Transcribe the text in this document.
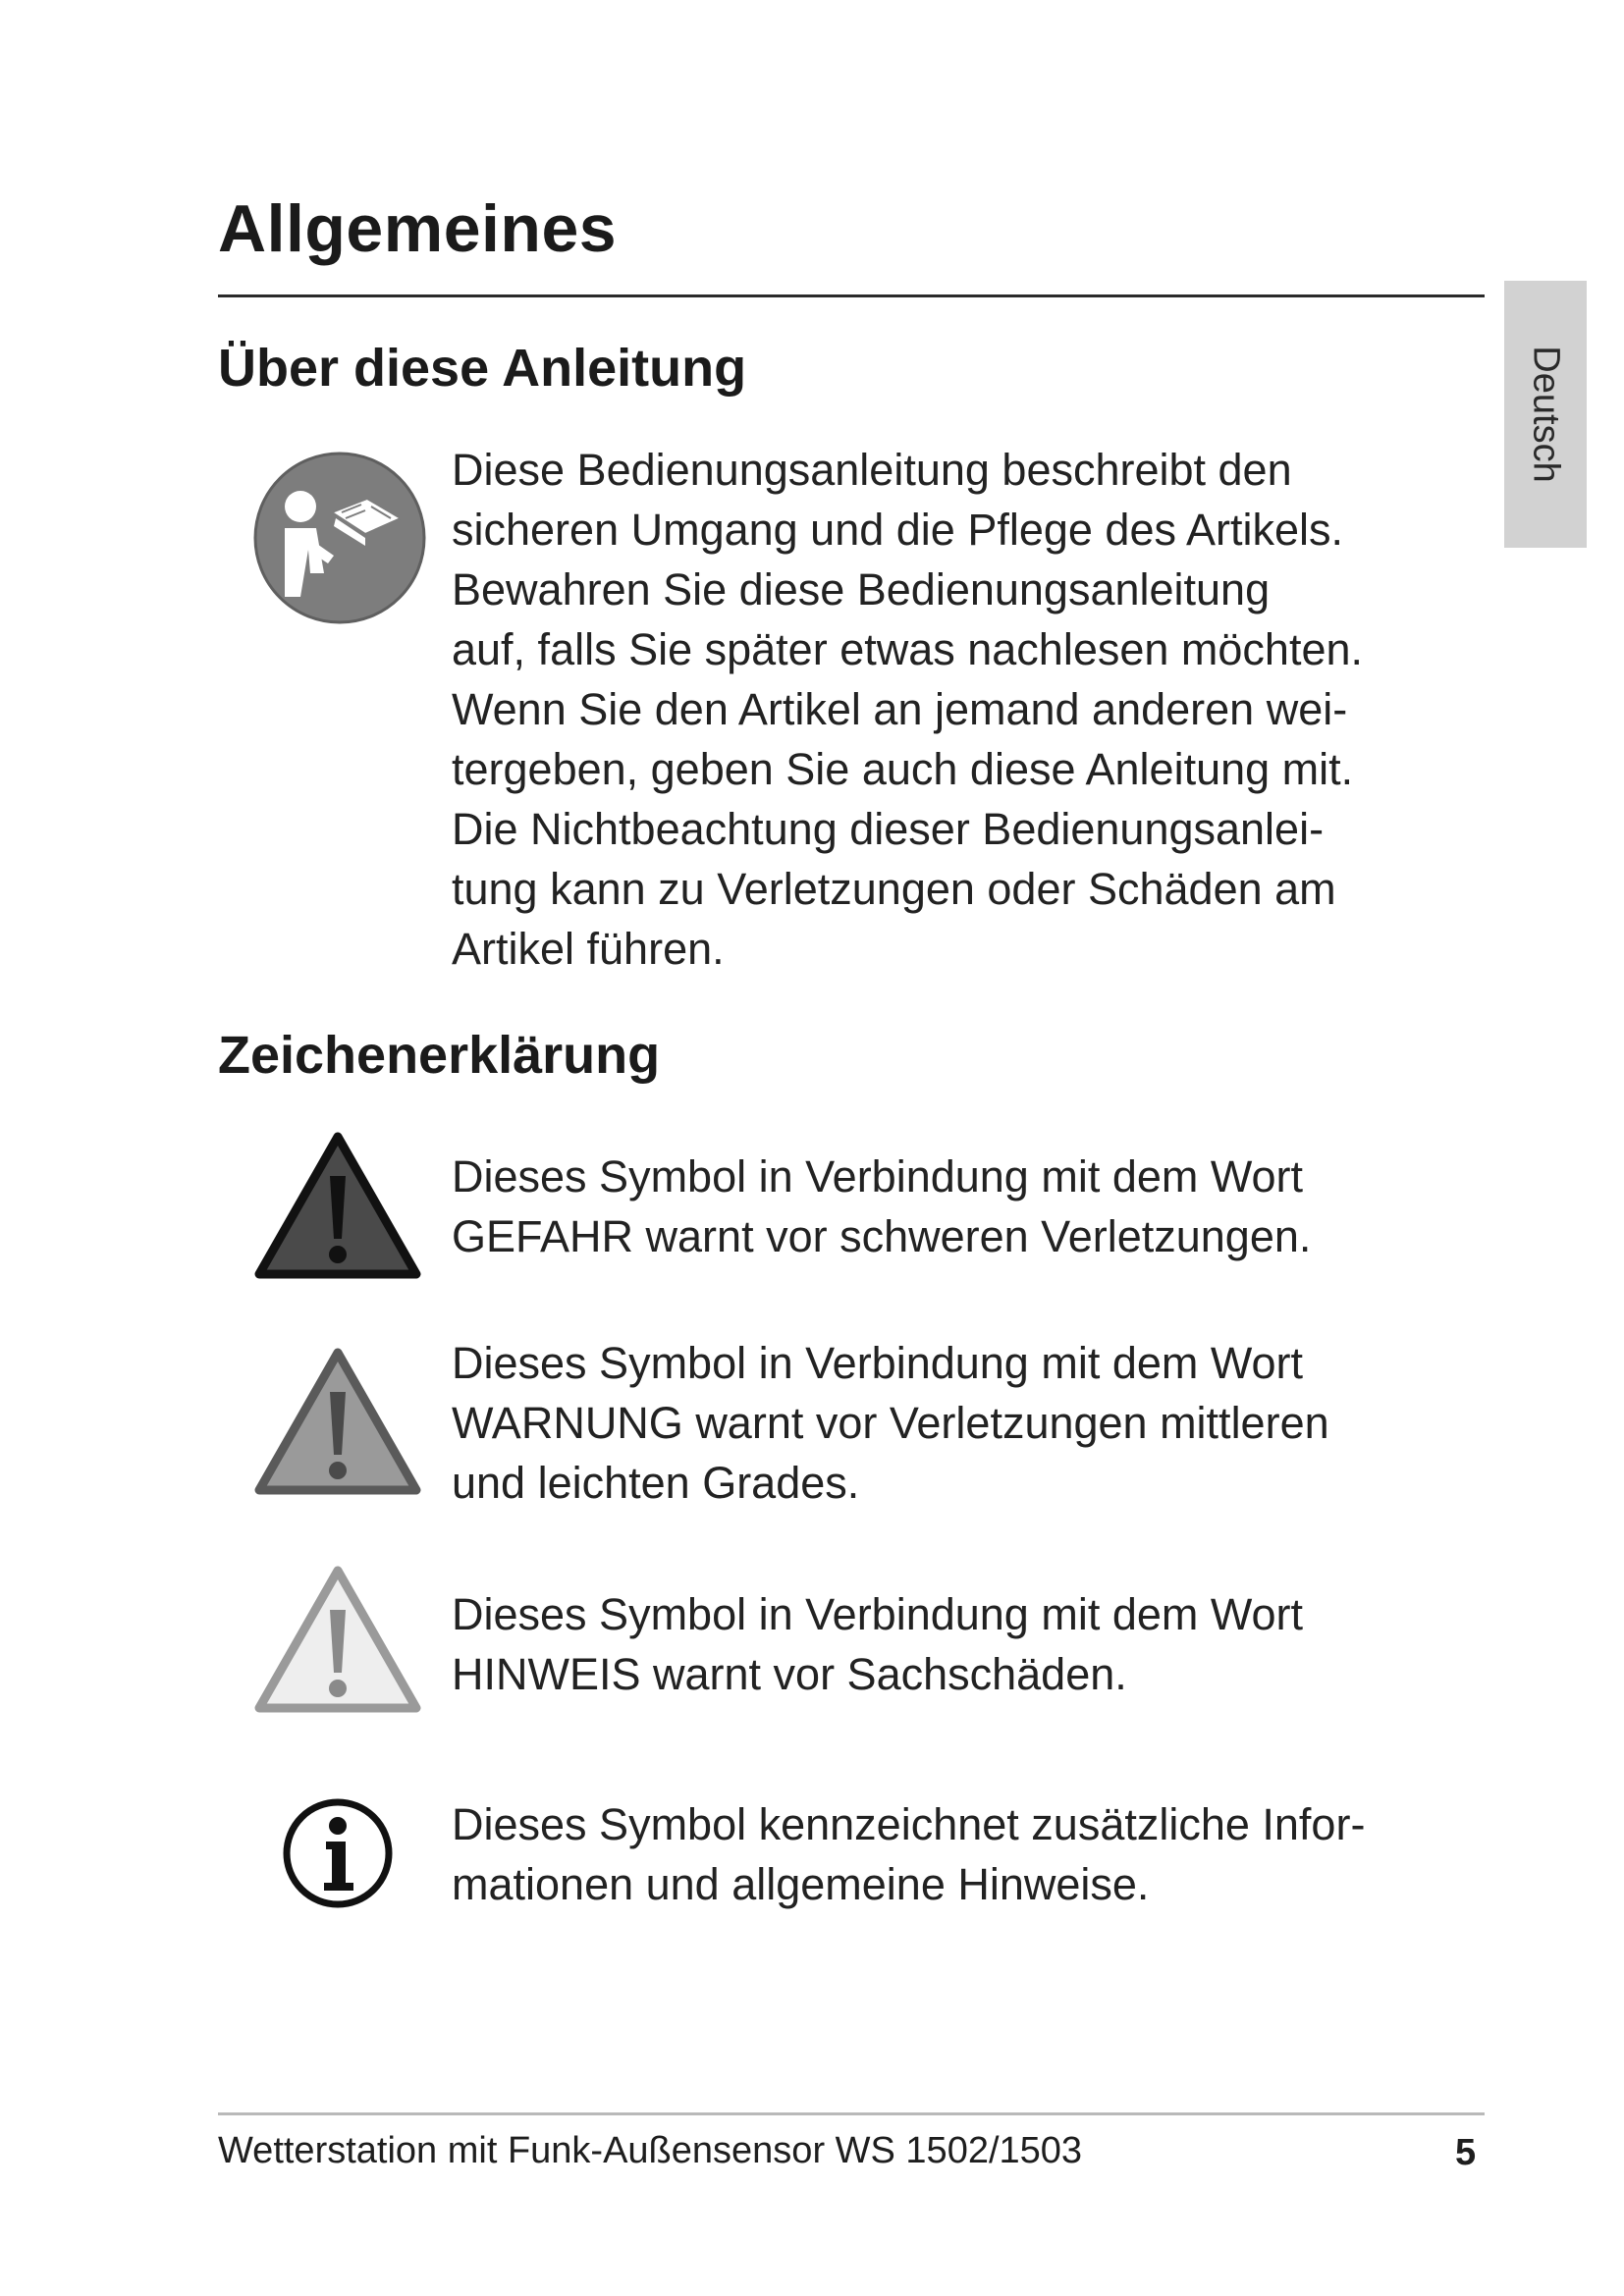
Allgemeines
Deutsch
Über diese Anleitung
Diese Bedienungsanleitung beschreibt den
sicheren Umgang und die Pflege des Artikels.
Bewahren Sie diese Bedienungsanleitung
auf, falls Sie später etwas nachlesen möchten.
Wenn Sie den Artikel an jemand anderen wei-
tergeben, geben Sie auch diese Anleitung mit.
Die Nichtbeachtung dieser Bedienungsanlei-
tung kann zu Verletzungen oder Schäden am
Artikel führen.
Zeichenerklärung
Dieses Symbol in Verbindung mit dem Wort
GEFAHR warnt vor schweren Verletzungen.
Dieses Symbol in Verbindung mit dem Wort
WARNUNG warnt vor Verletzungen mittleren
und leichten Grades.
Dieses Symbol in Verbindung mit dem Wort
HINWEIS warnt vor Sachschäden.
Dieses Symbol kennzeichnet zusätzliche Infor-
mationen und allgemeine Hinweise.
Wetterstation mit Funk-Außensensor WS 1502/1503	5
